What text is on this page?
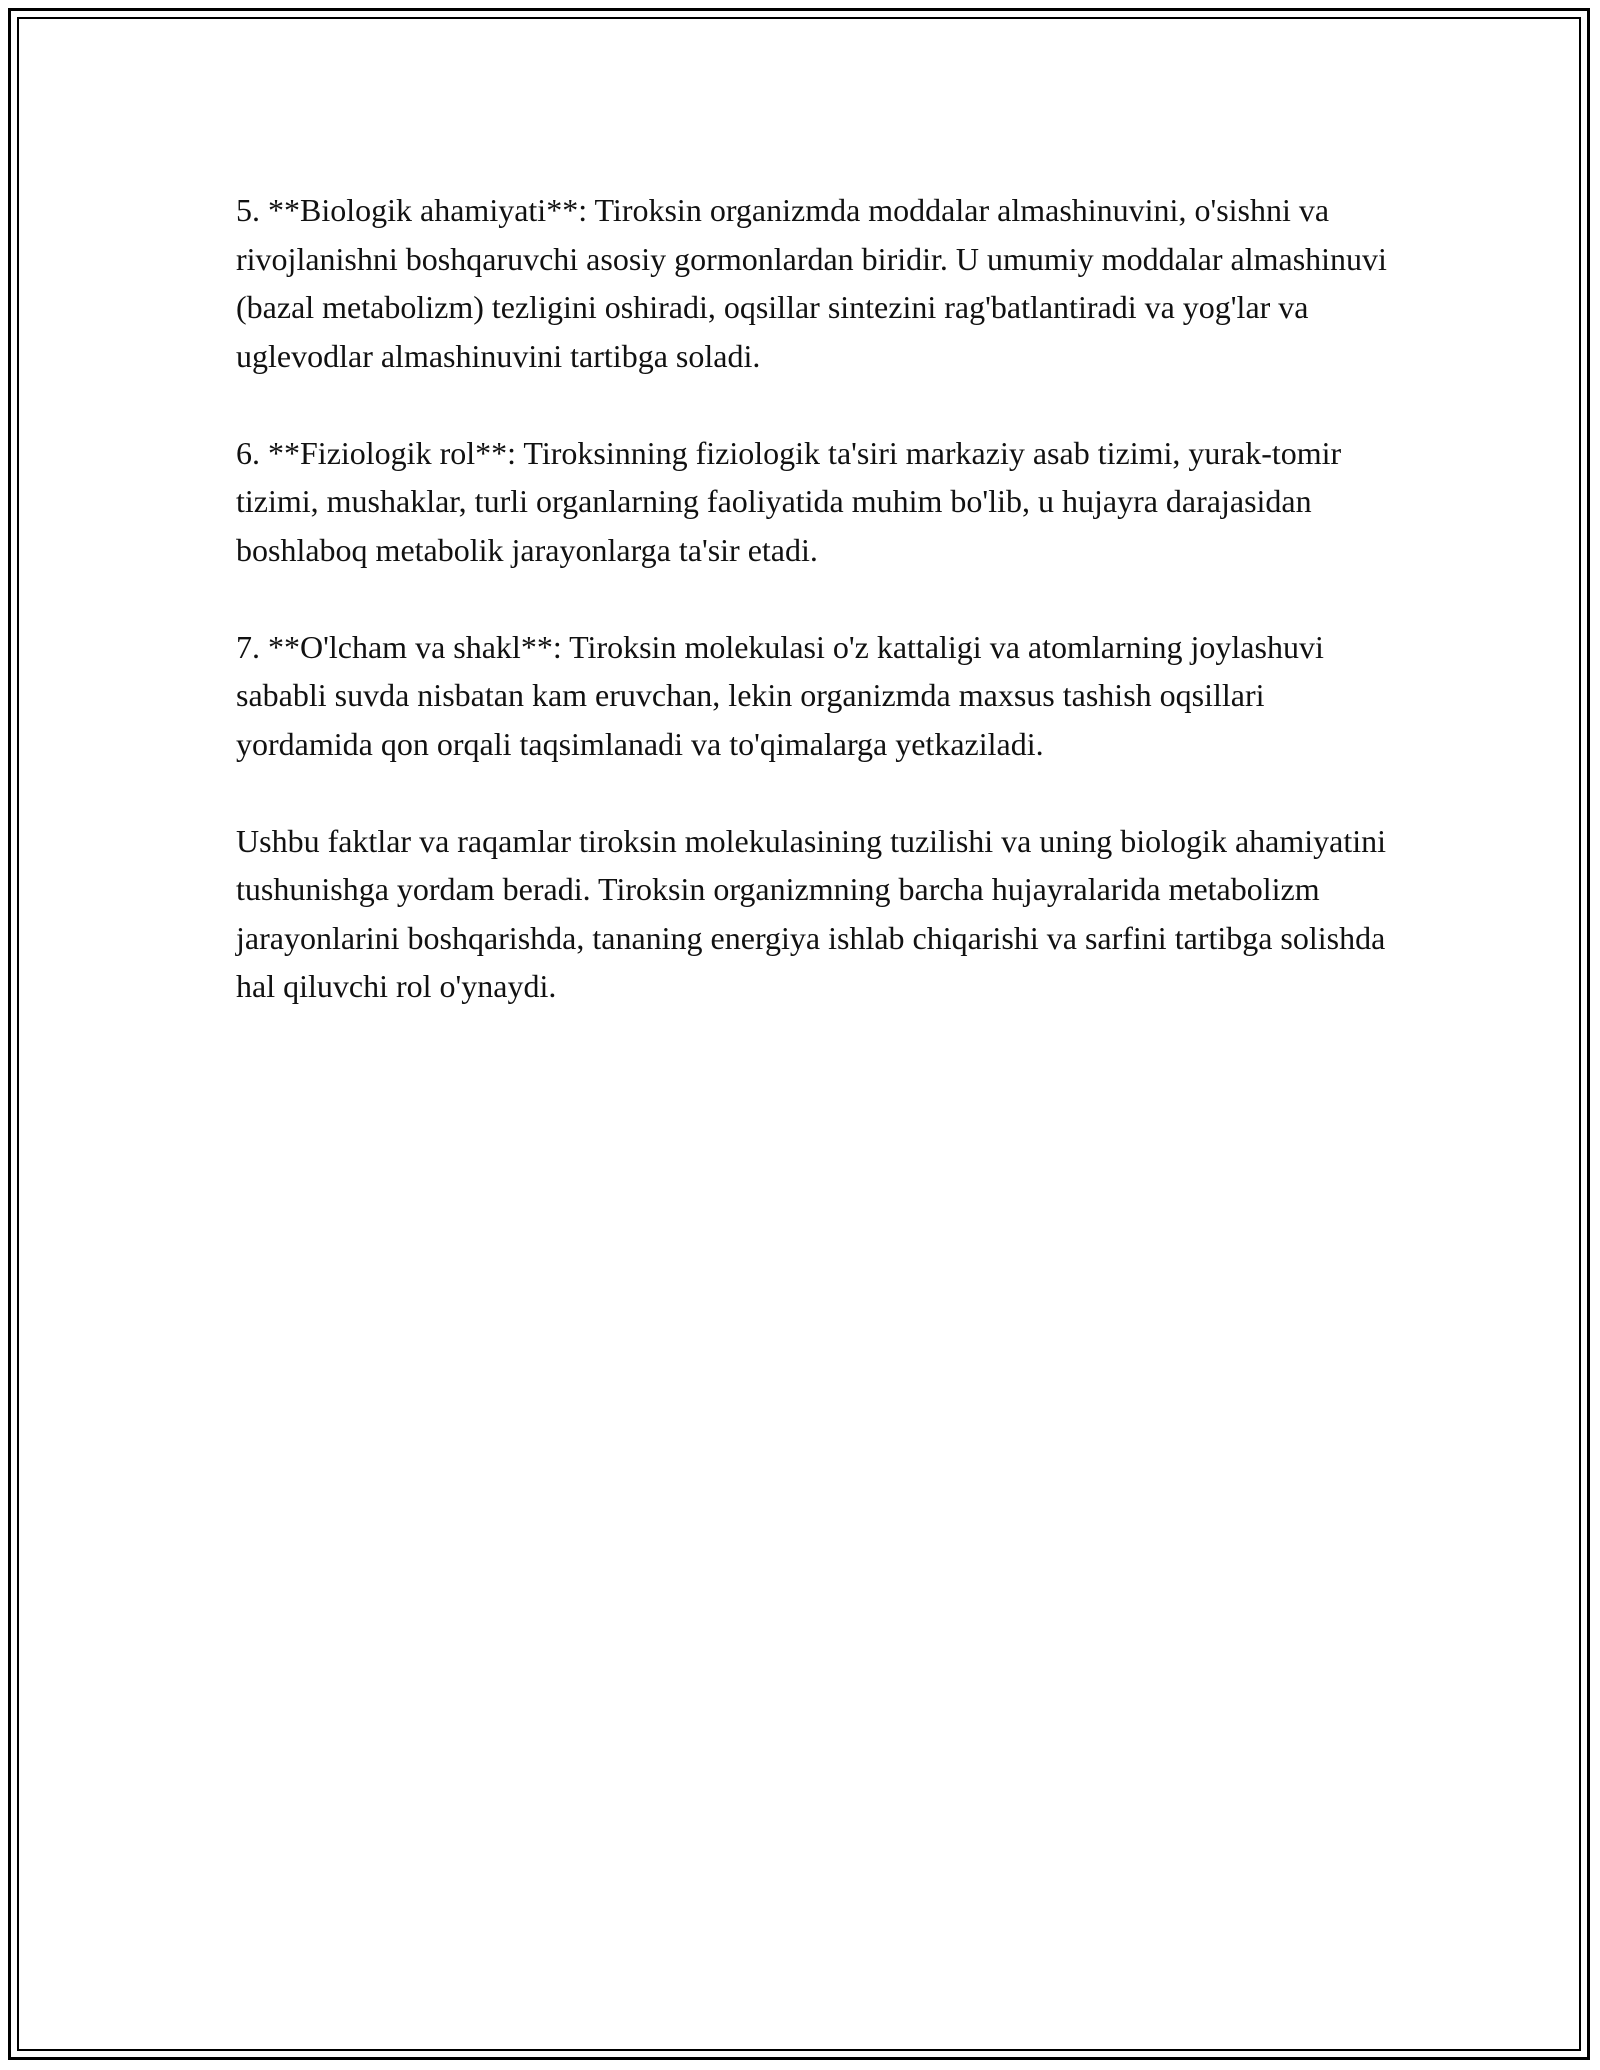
5. **Biologik ahamiyati**: Tiroksin organizmda moddalar almashinuvini, o'sishni va rivojlanishni boshqaruvchi asosiy gormonlardan biridir. U umumiy moddalar almashinuvi (bazal metabolizm) tezligini oshiradi, oqsillar sintezini rag'batlantiradi va yog'lar va uglevodlar almashinuvini tartibga soladi.

6. **Fiziologik rol**: Tiroksinning fiziologik ta'siri markaziy asab tizimi, yurak-tomir tizimi, mushaklar, turli organlarning faoliyatida muhim bo'lib, u hujayra darajasidan boshlaboq metabolik jarayonlarga ta'sir etadi.

7. **O'lcham va shakl**: Tiroksin molekulasi o'z kattaligi va atomlarning joylashuvi sababli suvda nisbatan kam eruvchan, lekin organizmda maxsus tashish oqsillari yordamida qon orqali taqsimlanadi va to'qimalarga yetkaziladi.

Ushbu faktlar va raqamlar tiroksin molekulasining tuzilishi va uning biologik ahamiyatini tushunishga yordam beradi. Tiroksin organizmning barcha hujayralarida metabolizm jarayonlarini boshqarishda, tananing energiya ishlab chiqarishi va sarfini tartibga solishda hal qiluvchi rol o'ynaydi.
